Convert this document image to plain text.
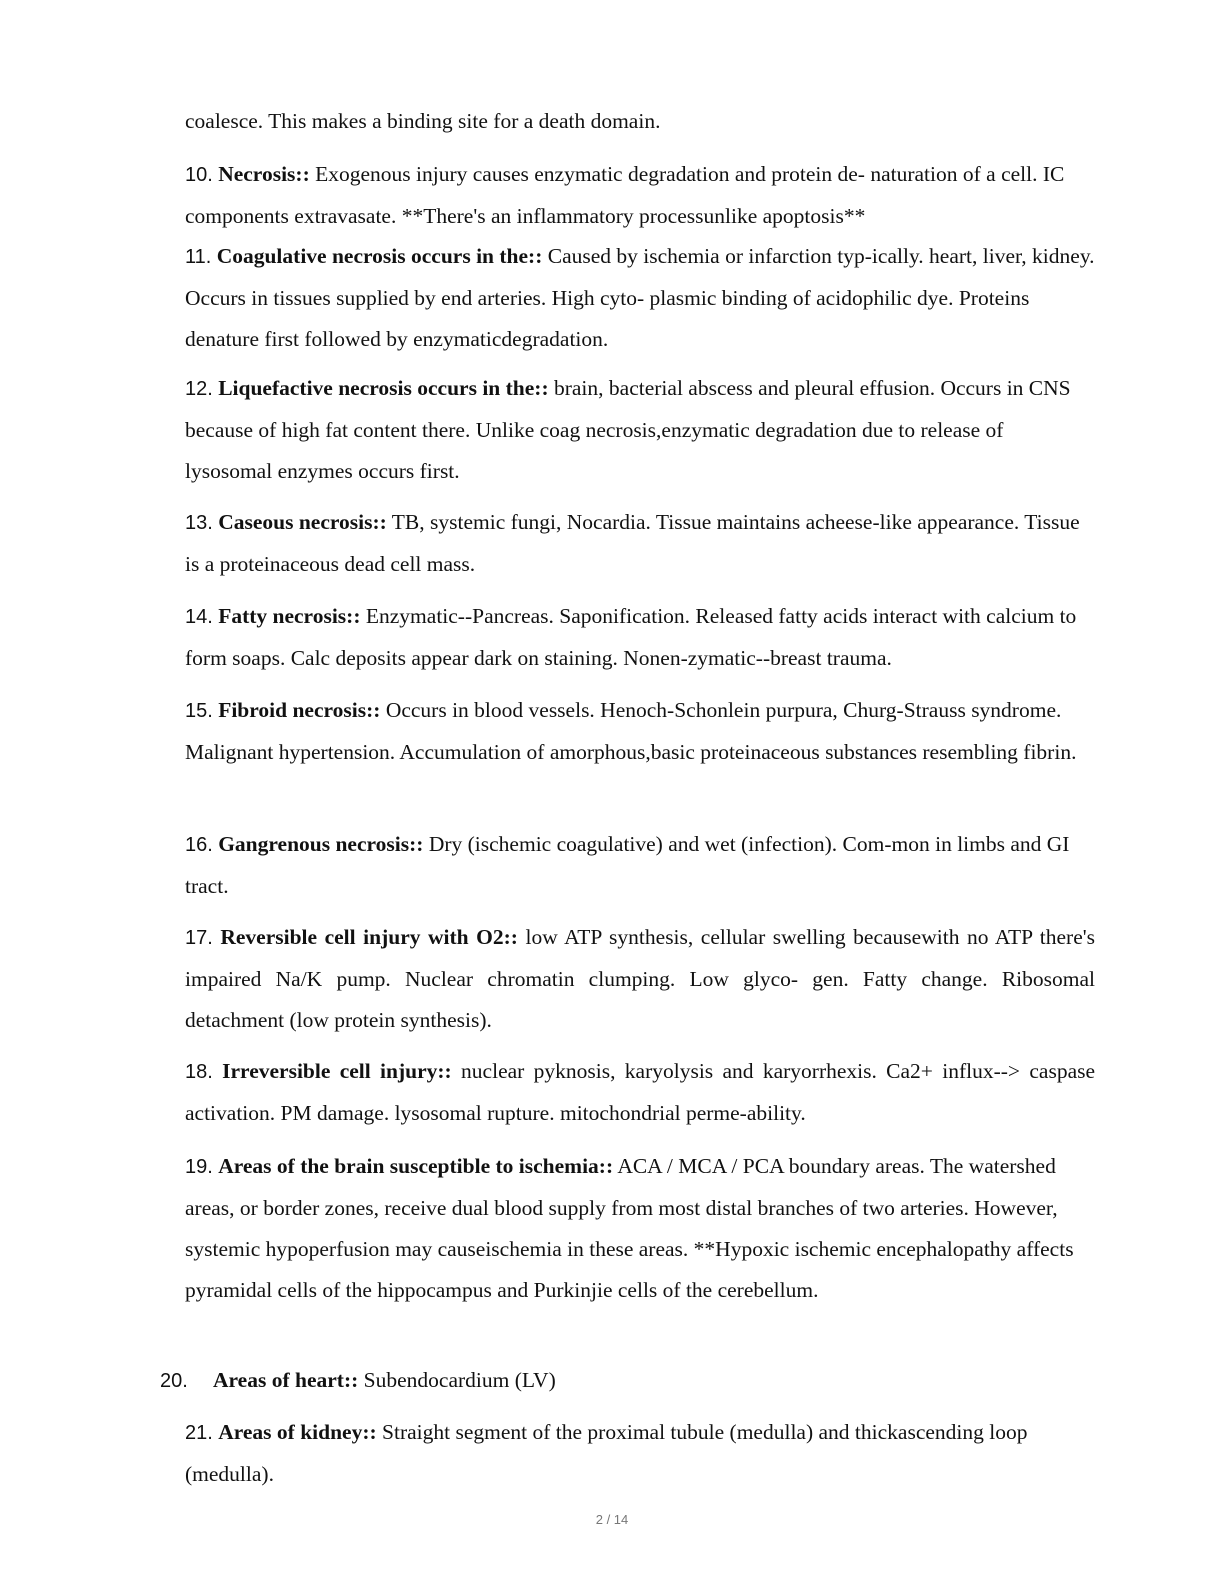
coalesce. This makes a binding site for a death domain.

10. Necrosis:: Exogenous injury causes enzymatic degradation and protein de- naturation of a cell. IC components extravasate. **There's an inflammatory processunlike apoptosis**

11. Coagulative necrosis occurs in the:: Caused by ischemia or infarction typ-ically. heart, liver, kidney. Occurs in tissues supplied by end arteries. High cyto- plasmic binding of acidophilic dye. Proteins denature first followed by enzymaticdegradation.

12. Liquefactive necrosis occurs in the:: brain, bacterial abscess and pleural effusion. Occurs in CNS because of high fat content there. Unlike coag necrosis,enzymatic degradation due to release of lysosomal enzymes occurs first.

13. Caseous necrosis:: TB, systemic fungi, Nocardia. Tissue maintains acheese-like appearance. Tissue is a proteinaceous dead cell mass.

14. Fatty necrosis:: Enzymatic--Pancreas. Saponification. Released fatty acids interact with calcium to form soaps. Calc deposits appear dark on staining. Nonen-zymatic--breast trauma.

15. Fibroid necrosis:: Occurs in blood vessels. Henoch-Schonlein purpura, Churg-Strauss syndrome. Malignant hypertension. Accumulation of amorphous,basic proteinaceous substances resembling fibrin.

16. Gangrenous necrosis:: Dry (ischemic coagulative) and wet (infection). Com-mon in limbs and GI tract.

17. Reversible cell injury with O2:: low ATP synthesis, cellular swelling becausewith no ATP there's impaired Na/K pump. Nuclear chromatin clumping. Low glyco- gen. Fatty change. Ribosomal detachment (low protein synthesis).

18. Irreversible cell injury:: nuclear pyknosis, karyolysis and karyorrhexis. Ca2+ influx--> caspase activation. PM damage. lysosomal rupture. mitochondrial perme-ability.

19. Areas of the brain susceptible to ischemia:: ACA / MCA / PCA boundary areas. The watershed areas, or border zones, receive dual blood supply from most distal branches of two arteries. However, systemic hypoperfusion may causeischemia in these areas. **Hypoxic ischemic encephalopathy affects pyramidal cells of the hippocampus and Purkinjie cells of the cerebellum.

20. Areas of heart:: Subendocardium (LV)

21. Areas of kidney:: Straight segment of the proximal tubule (medulla) and thickascending loop (medulla).

2 / 14
